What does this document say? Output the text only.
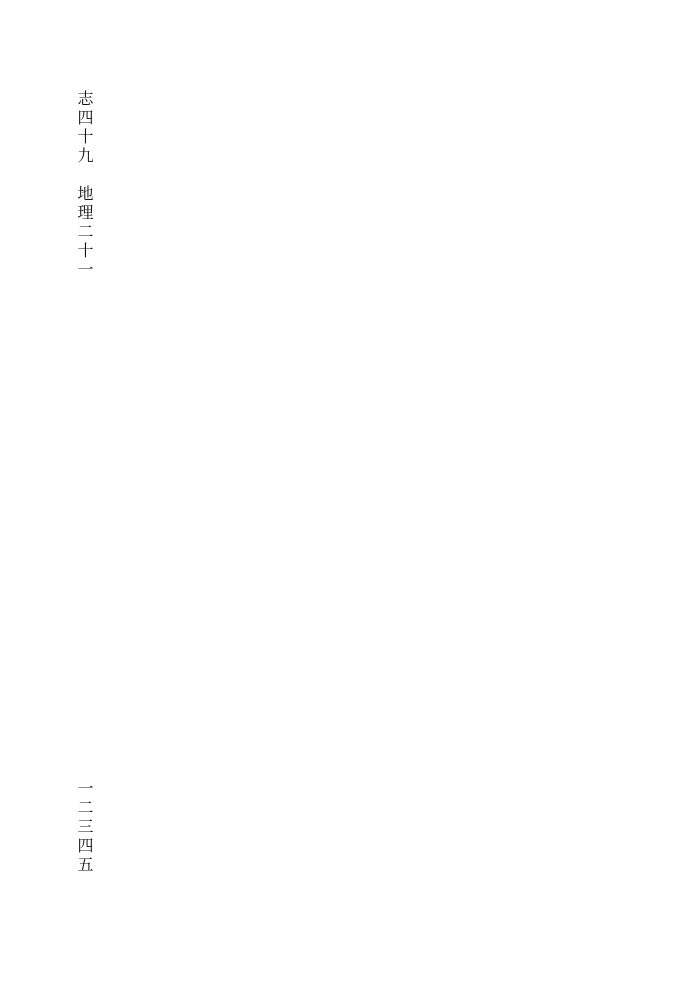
志四十九　地理二十一
一二三四五
